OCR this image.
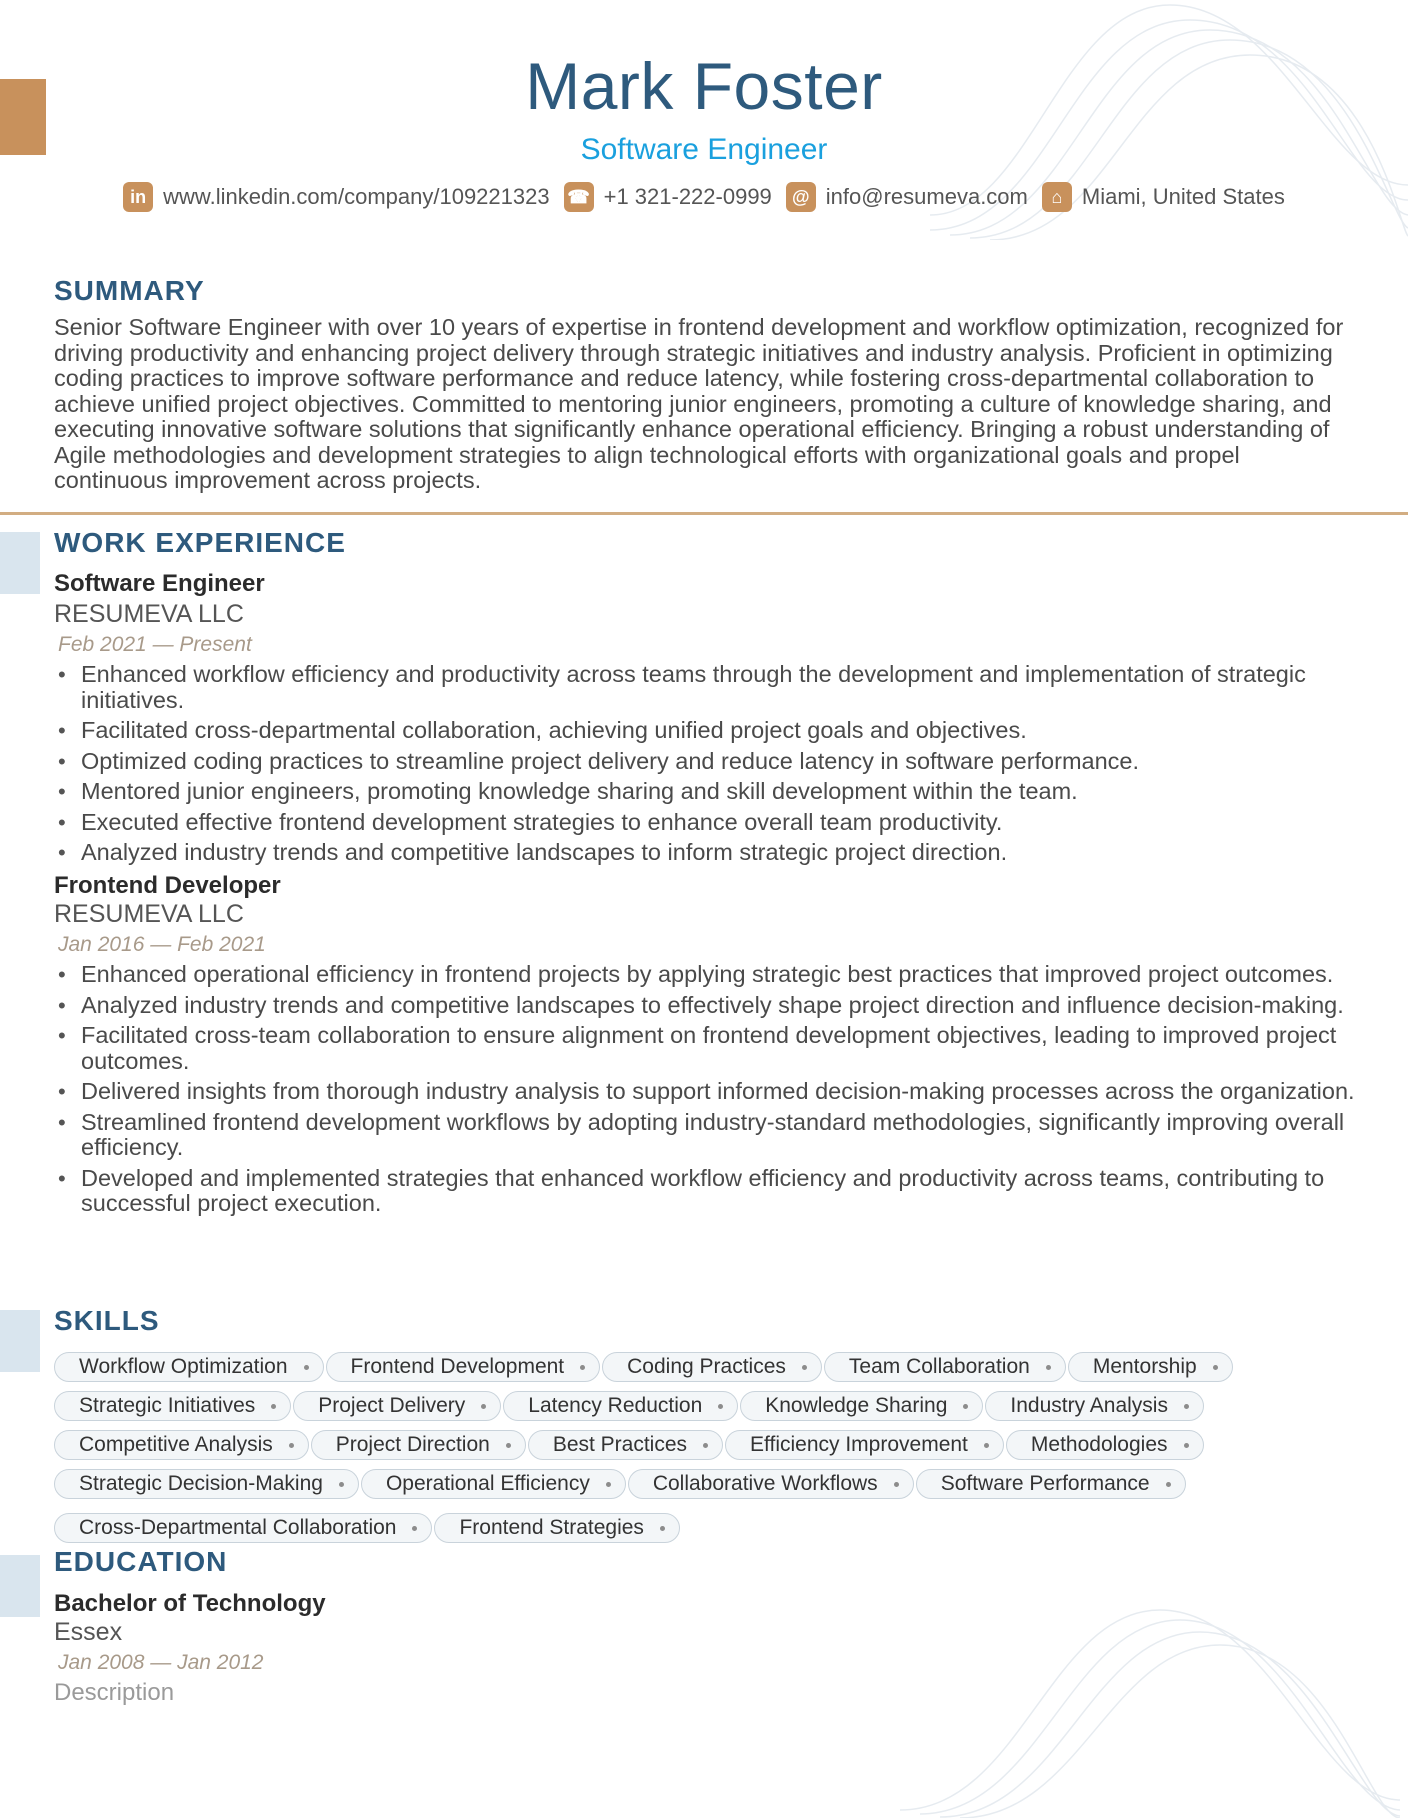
Mark Foster
Software Engineer
in www.linkedin.com/company/109221323 ☎ +1 321-222-0999	@ info@resumeva.com	⌂ Miami, United States
SUMMARY

Senior Software Engineer with over 10 years of expertise in frontend development and workflow optimization, recognized for driving productivity and enhancing project delivery through strategic initiatives and industry analysis. Proficient in optimizing coding practices to improve software performance and reduce latency, while fostering cross-departmental collaboration to achieve unified project objectives. Committed to mentoring junior engineers, promoting a culture of knowledge sharing, and executing innovative software solutions that significantly enhance operational efficiency. Bringing a robust understanding of Agile methodologies and development strategies to align technological efforts with organizational goals and propel continuous improvement across projects.

WORK EXPERIENCE
Software Engineer
RESUMEVA LLC
Feb 2021 — Present
• Enhanced workflow efficiency and productivity across teams through the development and implementation of strategic initiatives.
• Facilitated cross-departmental collaboration, achieving unified project goals and objectives.
• Optimized coding practices to streamline project delivery and reduce latency in software performance.
• Mentored junior engineers, promoting knowledge sharing and skill development within the team.
• Executed effective frontend development strategies to enhance overall team productivity.
• Analyzed industry trends and competitive landscapes to inform strategic project direction.
Frontend Developer
RESUMEVA LLC
Jan 2016 — Feb 2021
• Enhanced operational efficiency in frontend projects by applying strategic best practices that improved project outcomes.
• Analyzed industry trends and competitive landscapes to effectively shape project direction and influence decision-making.
• Facilitated cross-team collaboration to ensure alignment on frontend development objectives, leading to improved project outcomes.
• Delivered insights from thorough industry analysis to support informed decision-making processes across the organization.
• Streamlined frontend development workflows by adopting industry-standard methodologies, significantly improving overall efficiency.
• Developed and implemented strategies that enhanced workflow efficiency and productivity across teams, contributing to successful project execution.
SKILLS
Workflow Optimization	Frontend Development	Coding Practices	Team Collaboration	Mentorship
Strategic Initiatives	Project Delivery	Latency Reduction	Knowledge Sharing	Industry Analysis
Competitive Analysis	Project Direction	Best Practices	Efficiency Improvement	Methodologies
Strategic Decision-Making	Operational Efficiency	Collaborative Workflows	Software Performance
Cross-Departmental Collaboration	Frontend Strategies
EDUCATION
Bachelor of Technology
Essex
Jan 2008 — Jan 2012
Description
